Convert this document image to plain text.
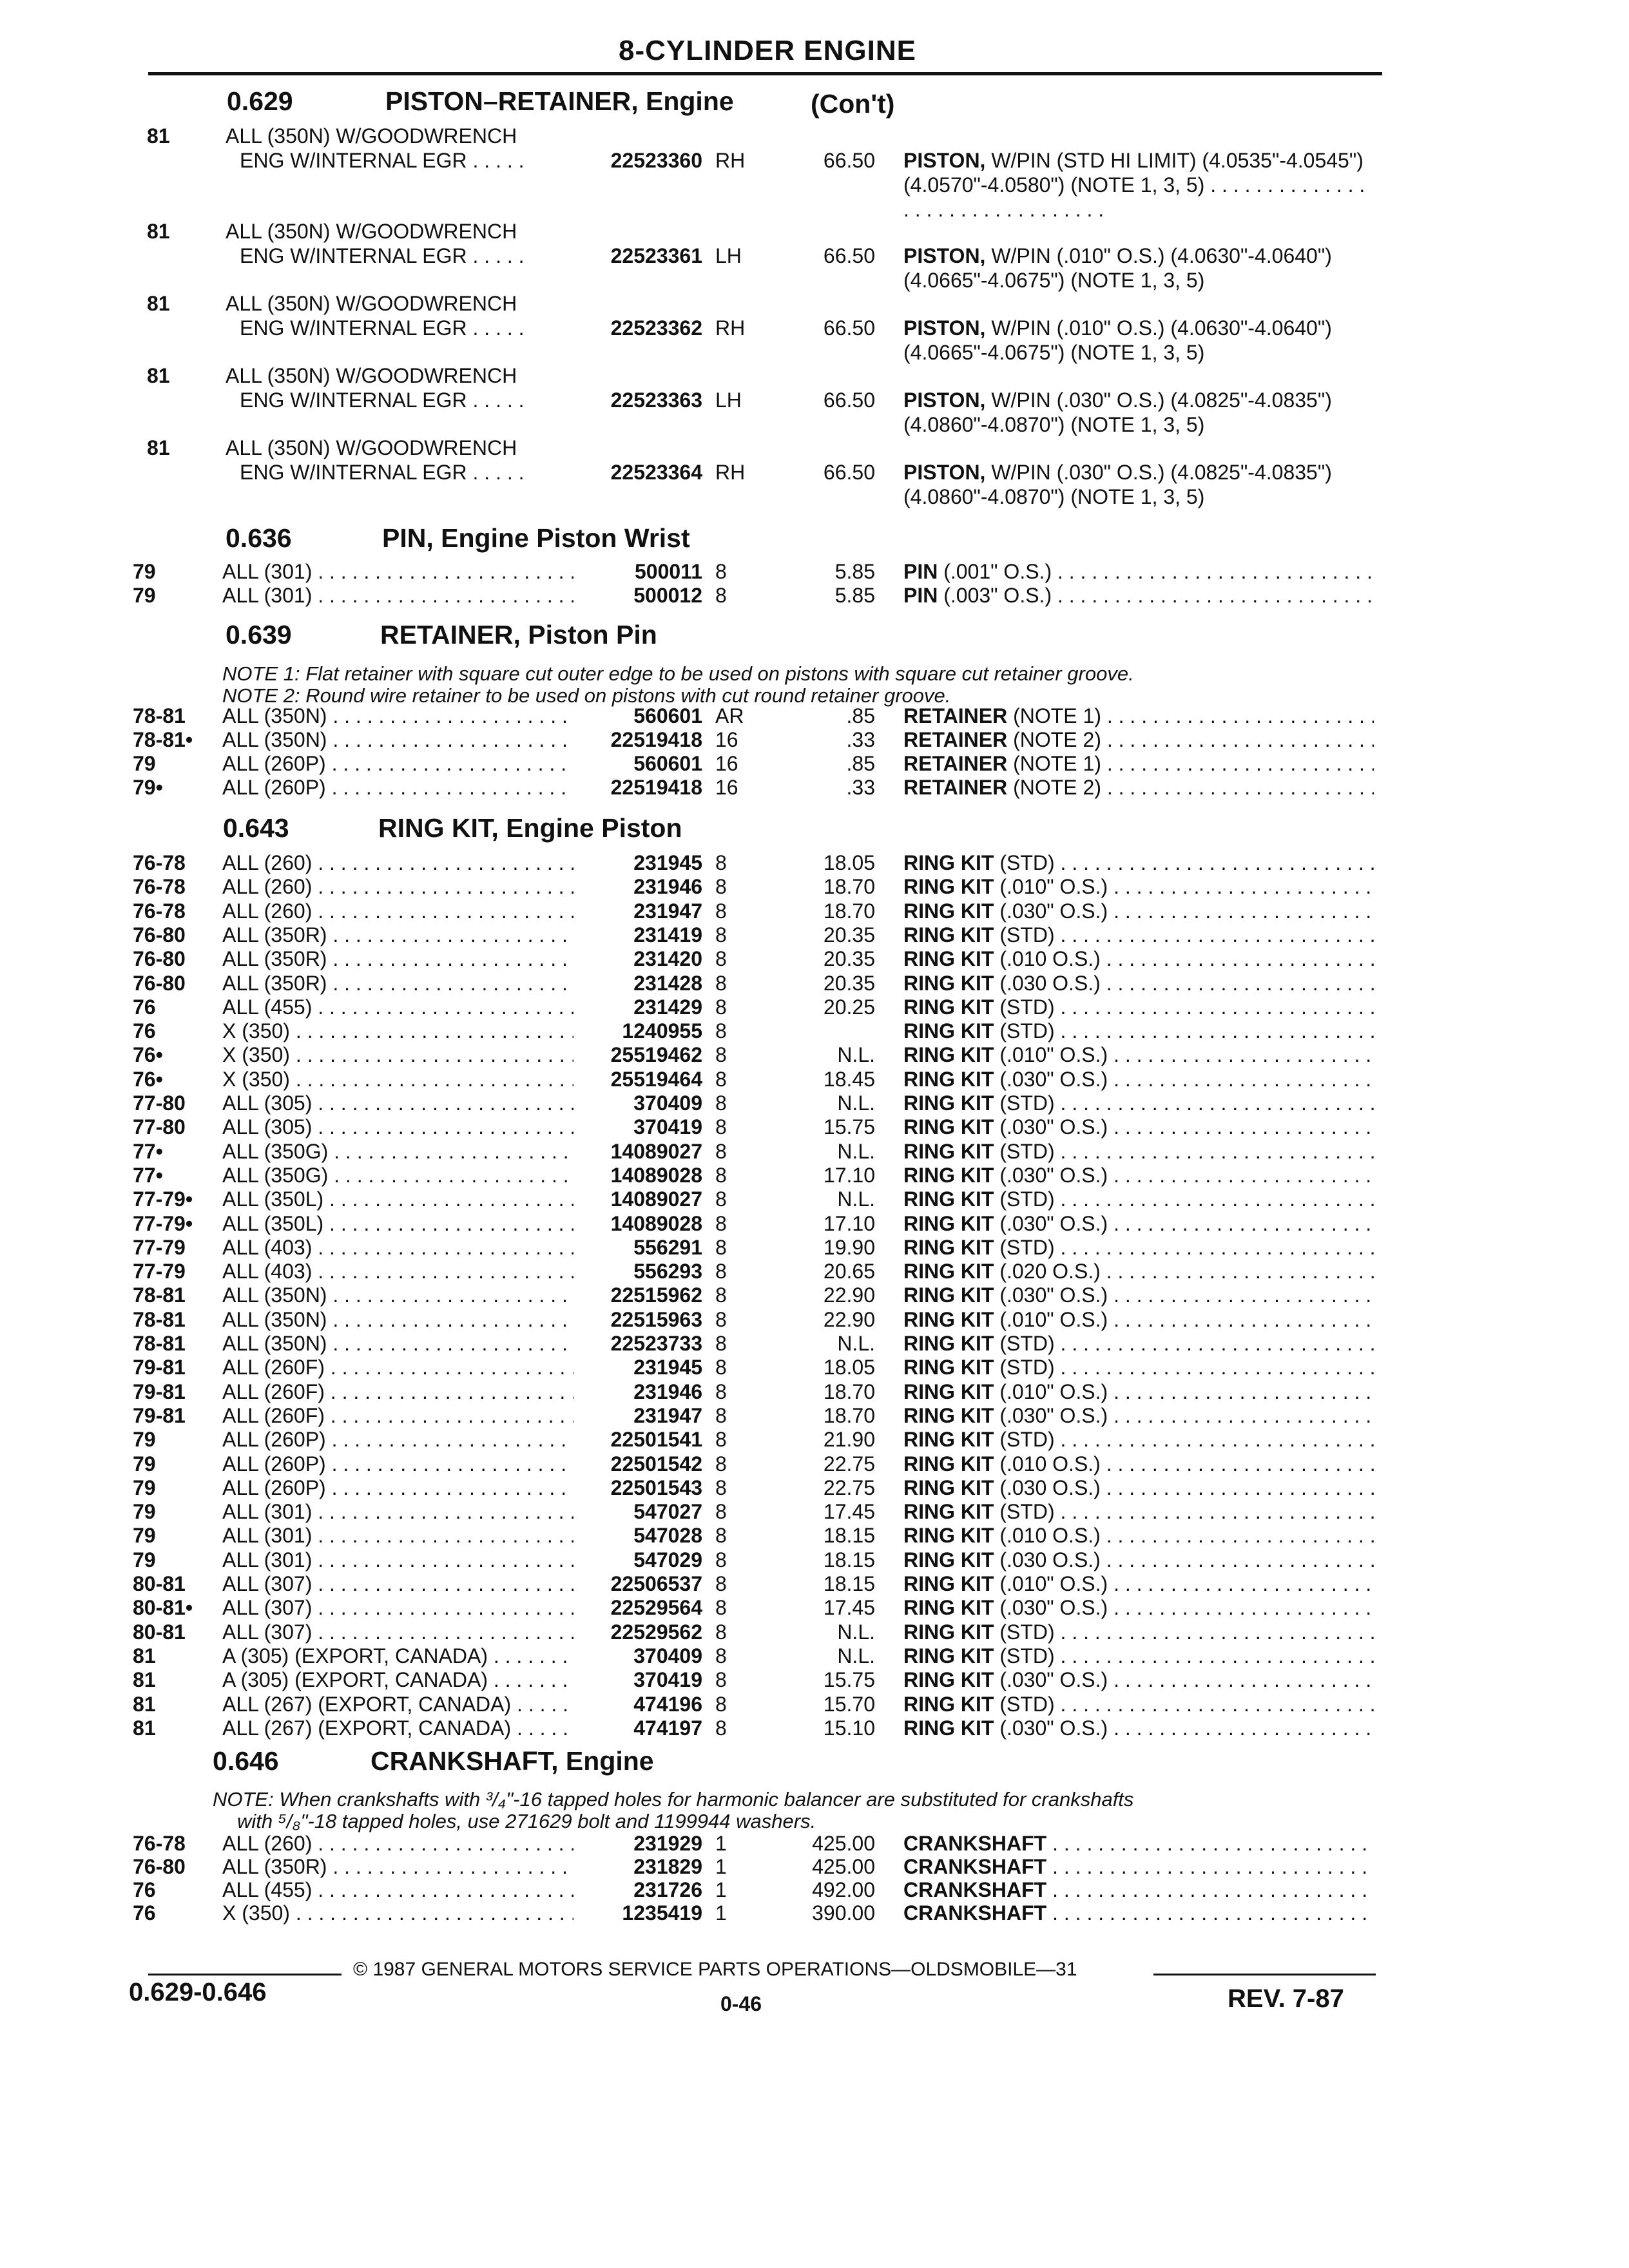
8-CYLINDER ENGINE
0.629	PISTON–RETAINER, Engine	(Con't)
81	ALL (350N) W/GOODWRENCH
ENG W/INTERNAL EGR . . . . .	22523360 RH	66.50 PISTON, W/PIN (STD HI LIMIT) (4.0535"-4.0545") (4.0570"-4.0580") (NOTE 1, 3, 5) . . . . . . . . . . . . . . . . . . . . . . . . . . . . . . . .
81	ALL (350N) W/GOODWRENCH
ENG W/INTERNAL EGR . . . . .	22523361 LH	66.50 PISTON, W/PIN (.010" O.S.) (4.0630"-4.0640") (4.0665"-4.0675") (NOTE 1, 3, 5)
81	ALL (350N) W/GOODWRENCH
ENG W/INTERNAL EGR . . . . .	22523362 RH	66.50 PISTON, W/PIN (.010" O.S.) (4.0630"-4.0640") (4.0665"-4.0675") (NOTE 1, 3, 5)
81	ALL (350N) W/GOODWRENCH
ENG W/INTERNAL EGR . . . . .	22523363 LH	66.50 PISTON, W/PIN (.030" O.S.) (4.0825"-4.0835") (4.0860"-4.0870") (NOTE 1, 3, 5)
81	ALL (350N) W/GOODWRENCH
ENG W/INTERNAL EGR . . . . .	22523364 RH	66.50 PISTON, W/PIN (.030" O.S.) (4.0825"-4.0835") (4.0860"-4.0870") (NOTE 1, 3, 5)
0.636	PIN, Engine Piston Wrist
79	ALL (301) . . .	500011 8	5.85 PIN (.001" O.S.) . . .
79	ALL (301) . . .	500012 8	5.85 PIN (.003" O.S.) . . .
0.639	RETAINER, Piston Pin
NOTE 1: Flat retainer with square cut outer edge to be used on pistons with square cut retainer groove.
NOTE 2: Round wire retainer to be used on pistons with cut round retainer groove.
78-81 ALL (350N) . . .	560601 AR	.85 RETAINER (NOTE 1) . . .
78-81• ALL (350N) . . .	22519418 16	.33 RETAINER (NOTE 2) . . .
79	ALL (260P) . . .	560601 16	.85 RETAINER (NOTE 1) . . .
79•	ALL (260P) . . .	22519418 16	.33 RETAINER (NOTE 2) . . .
0.643	RING KIT, Engine Piston
76-78 ALL (260) . . .	231945 8	18.05 RING KIT (STD) . . .
76-78 ALL (260) . . .	231946 8	18.70 RING KIT (.010" O.S.) . . .
76-78 ALL (260) . . .	231947 8	18.70 RING KIT (.030" O.S.) . . .
76-80 ALL (350R) . . .	231419 8	20.35 RING KIT (STD) . . .
76-80 ALL (350R) . . .	231420 8	20.35 RING KIT (.010 O.S.) . . .
76-80 ALL (350R) . . .	231428 8	20.35 RING KIT (.030 O.S.) . . .
76	ALL (455) . . .	231429 8	20.25 RING KIT (STD) . . .
76	X (350) . . .	1240955 8	RING KIT (STD) . . .
76•	X (350) . . .	25519462 8	N.L. RING KIT (.010" O.S.) . . .
76•	X (350) . . .	25519464 8	18.45 RING KIT (.030" O.S.) . . .
77-80 ALL (305) . . .	370409 8	N.L. RING KIT (STD) . . .
77-80 ALL (305) . . .	370419 8	15.75 RING KIT (.030" O.S.) . . .
77•	ALL (350G) . . .	14089027 8	N.L. RING KIT (STD) . . .
77•	ALL (350G) . . .	14089028 8	17.10 RING KIT (.030" O.S.) . . .
77-79• ALL (350L) . . .	14089027 8	N.L. RING KIT (STD) . . .
77-79• ALL (350L) . . .	14089028 8	17.10 RING KIT (.030" O.S.) . . .
77-79 ALL (403) . . .	556291 8	19.90 RING KIT (STD) . . .
77-79 ALL (403) . . .	556293 8	20.65 RING KIT (.020 O.S.) . . .
78-81 ALL (350N) . . .	22515962 8	22.90 RING KIT (.030" O.S.) . . .
78-81 ALL (350N) . . .	22515963 8	22.90 RING KIT (.010" O.S.) . . .
78-81 ALL (350N) . . .	22523733 8	N.L. RING KIT (STD) . . .
79-81 ALL (260F) . . .	231945 8	18.05 RING KIT (STD) . . .
79-81 ALL (260F) . . .	231946 8	18.70 RING KIT (.010" O.S.) . . .
79-81 ALL (260F) . . .	231947 8	18.70 RING KIT (.030" O.S.) . . .
79	ALL (260P) . . .	22501541 8	21.90 RING KIT (STD) . . .
79	ALL (260P) . . .	22501542 8	22.75 RING KIT (.010 O.S.) . . .
79	ALL (260P) . . .	22501543 8	22.75 RING KIT (.030 O.S.) . . .
79	ALL (301) . . .	547027 8	17.45 RING KIT (STD) . . .
79	ALL (301) . . .	547028 8	18.15 RING KIT (.010 O.S.) . . .
79	ALL (301) . . .	547029 8	18.15 RING KIT (.030 O.S.) . . .
80-81 ALL (307) . . .	22506537 8	18.15 RING KIT (.010" O.S.) . . .
80-81• ALL (307) . . .	22529564 8	17.45 RING KIT (.030" O.S.) . . .
80-81 ALL (307) . . .	22529562 8	N.L. RING KIT (STD) . . .
81	A (305) (EXPORT, CANADA) . . .	370409 8	N.L. RING KIT (STD) . . .
81	A (305) (EXPORT, CANADA) . . .	370419 8	15.75 RING KIT (.030" O.S.) . . .
81	ALL (267) (EXPORT, CANADA) . . .	474196 8	15.70 RING KIT (STD) . . .
81	ALL (267) (EXPORT, CANADA) . . .	474197 8	15.10 RING KIT (.030" O.S.) . . .
0.646	CRANKSHAFT, Engine
NOTE: When crankshafts with ³/₄"-16 tapped holes for harmonic balancer are substituted for crankshafts
with ⁵/₈"-18 tapped holes, use 271629 bolt and 1199944 washers.
76-78 ALL (260) . . .	231929 1	425.00 CRANKSHAFT . . .
76-80 ALL (350R) . . .	231829 1	425.00 CRANKSHAFT . . .
76	ALL (455) . . .	231726 1	492.00 CRANKSHAFT . . .
76	X (350) . . .	1235419 1	390.00 CRANKSHAFT . . .
© 1987 GENERAL MOTORS SERVICE PARTS OPERATIONS—OLDSMOBILE—31
0.629-0.646	0-46	REV. 7-87
